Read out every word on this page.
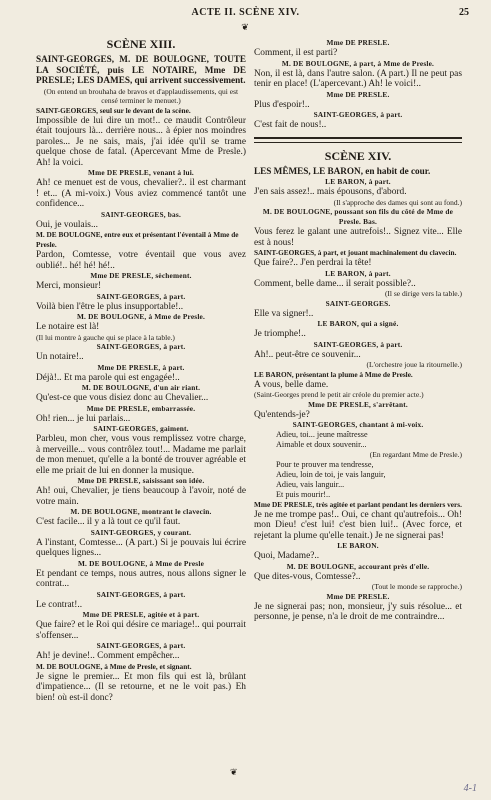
ACTE II. SCÈNE XIV.	25
❦
SCÈNE XIII.
SAINT-GEORGES, M. DE BOULOGNE, TOUTE LA SOCIÉTÉ, puis LE NOTAIRE, Mme DE PRESLE; LES DAMES, qui arrivent successivement.
(On entend un brouhaha de bravos et d'applaudissements, qui est censé terminer le menuet.)
SAINT-GEORGES, seul sur le devant de la scène.
Impossible de lui dire un mot!.. ce maudit Contrôleur était toujours là... derrière nous... à épier nos moindres paroles... Je ne sais, mais, j'ai idée qu'il se trame quelque chose de fatal. (Apercevant Mme de Presle.) Ah! la voici.
Mme DE PRESLE, venant à lui.
Ah! ce menuet est de vous, chevalier?.. il est charmant ! et... (A mi-voix.) Vous aviez commencé tantôt une confidence...
SAINT-GEORGES, bas.
Oui, je voulais...
M. DE BOULOGNE, entre eux et présentant l'éventail à Mme de Presle.
Pardon, Comtesse, votre éventail que vous avez oublié!.. hé! hé! hé!..
Mme DE PRESLE, sèchement.
Merci, monsieur!
SAINT-GEORGES, à part.
Voilà bien l'être le plus insupportable!..
M. DE BOULOGNE, à Mme de Presle.
Le notaire est là!
(Il lui montre à gauche qui se place à la table.)
SAINT-GEORGES, à part.
Un notaire!..
Mme DE PRESLE, à part.
Déjà!.. Et ma parole qui est engagée!..
M. DE BOULOGNE, d'un air riant.
Qu'est-ce que vous disiez donc au Chevalier...
Mme DE PRESLE, embarrassée.
Oh! rien... je lui parlais...
SAINT-GEORGES, gaiment.
Parbleu, mon cher, vous vous remplissez votre charge, à merveille... vous contrôlez tout!... Madame me parlait de mon menuet, qu'elle a la bonté de trouver agréable et elle me priait de lui en donner la musique.
Mme DE PRESLE, saisissant son idée.
Ah! oui, Chevalier, je tiens beaucoup à l'avoir, noté de votre main.
M. DE BOULOGNE, montrant le clavecin.
C'est facile... il y a là tout ce qu'il faut.
SAINT-GEORGES, y courant.
A l'instant, Comtesse... (A part.) Si je pouvais lui écrire quelques lignes...
M. DE BOULOGNE, à Mme de Presle
Et pendant ce temps, nous autres, nous allons signer le contrat...
SAINT-GEORGES, à part.
Le contrat!..
Mme DE PRESLE, agitée et à part.
Que faire? et le Roi qui désire ce mariage!.. qui pourrait s'offenser...
SAINT-GEORGES, à part.
Ah! je devine!.. Comment empêcher...
M. DE BOULOGNE, à Mme de Presle, et signant.
Je signe le premier... Et mon fils qui est là, brûlant d'impatience... (Il se retourne, et ne le voit pas.) Eh bien! où est-il donc?
Mme DE PRESLE.
Comment, il est parti?
M. DE BOULOGNE, à part, à Mme de Presle.
Non, il est là, dans l'autre salon. (A part.) Il ne peut pas tenir en place! (L'apercevant.) Ah! le voici!..
Mme DE PRESLE.
Plus d'espoir!..
SAINT-GEORGES, à part.
C'est fait de nous!..
SCÈNE XIV.
LES MÊMES, LE BARON, en habit de cour.
LE BARON, à part.
J'en sais assez!.. mais épousons, d'abord.
(Il s'approche des dames qui sont au fond.)
M. DE BOULOGNE, poussant son fils du côté de Mme de Presle. Bas.
Vous ferez le galant une autrefois!.. Signez vite... Elle est à nous!
SAINT-GEORGES, à part, et jouant machinalement du clavecin.
Que faire?.. J'en perdrai la tête!
LE BARON, à part.
Comment, belle dame... il serait possible?..
(Il se dirige vers la table.)
SAINT-GEORGES.
Elle va signer!..
LE BARON, qui a signé.
Je triomphe!..
SAINT-GEORGES, à part.
Ah!.. peut-être ce souvenir...
(L'orchestre joue la ritournelle.)
LE BARON, présentant la plume à Mme de Presle.
A vous, belle dame.
(Saint-Georges prend le petit air créole du premier acte.)
Mme DE PRESLE, s'arrêtant.
Qu'entends-je?
SAINT-GEORGES, chantant à mi-voix.
Adieu, toi... jeune maîtresse
Aimable et doux souvenir...
(En regardant Mme de Presle.)
Pour te prouver ma tendresse,
Adieu, loin de toi, je vais languir,
Adieu, vais languir...
Et puis mourir!..
Mme DE PRESLE, très agitée et parlant pendant les derniers vers.
Je ne me trompe pas!.. Oui, ce chant qu'autrefois... Oh! mon Dieu! c'est lui! c'est bien lui!.. (Avec force, et rejetant la plume qu'elle tenait.) Je ne signerai pas!
LE BARON.
Quoi, Madame?..
M. DE BOULOGNE, accourant près d'elle.
Que dites-vous, Comtesse?..
(Tout le monde se rapproche.)
Mme DE PRESLE.
Je ne signerai pas; non, monsieur, j'y suis résolue... et personne, je pense, n'a le droit de me contraindre...
❦
4-1
